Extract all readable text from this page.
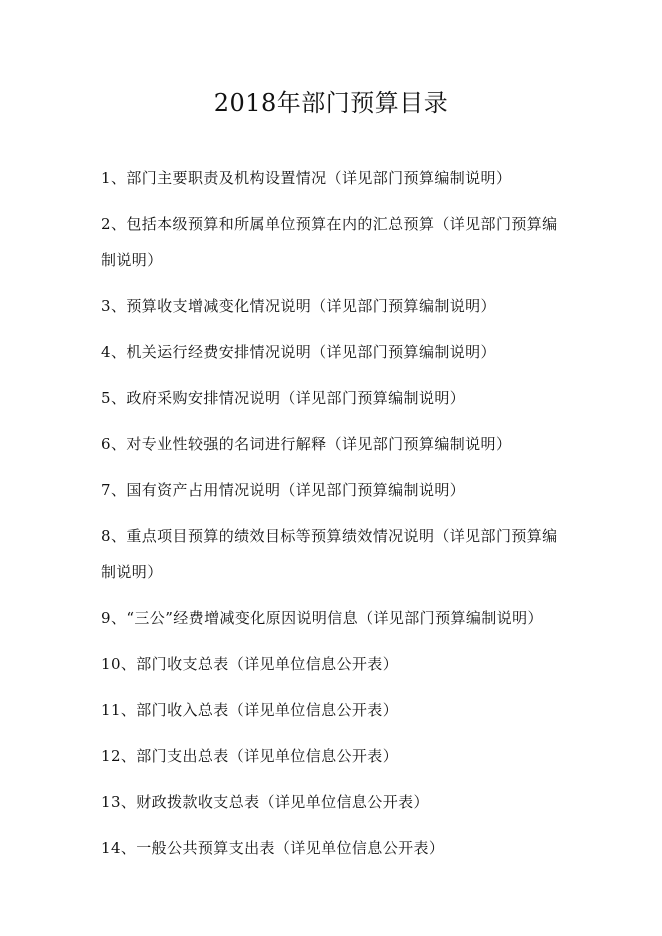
2018年部门预算目录
1、部门主要职责及机构设置情况（详见部门预算编制说明）
2、包括本级预算和所属单位预算在内的汇总预算（详见部门预算编制说明）
3、预算收支增减变化情况说明（详见部门预算编制说明）
4、机关运行经费安排情况说明（详见部门预算编制说明）
5、政府采购安排情况说明（详见部门预算编制说明）
6、对专业性较强的名词进行解释（详见部门预算编制说明）
7、国有资产占用情况说明（详见部门预算编制说明）
8、重点项目预算的绩效目标等预算绩效情况说明（详见部门预算编制说明）
9、“三公”经费增减变化原因说明信息（详见部门预算编制说明）
10、部门收支总表（详见单位信息公开表）
11、部门收入总表（详见单位信息公开表）
12、部门支出总表（详见单位信息公开表）
13、财政拨款收支总表（详见单位信息公开表）
14、一般公共预算支出表（详见单位信息公开表）
